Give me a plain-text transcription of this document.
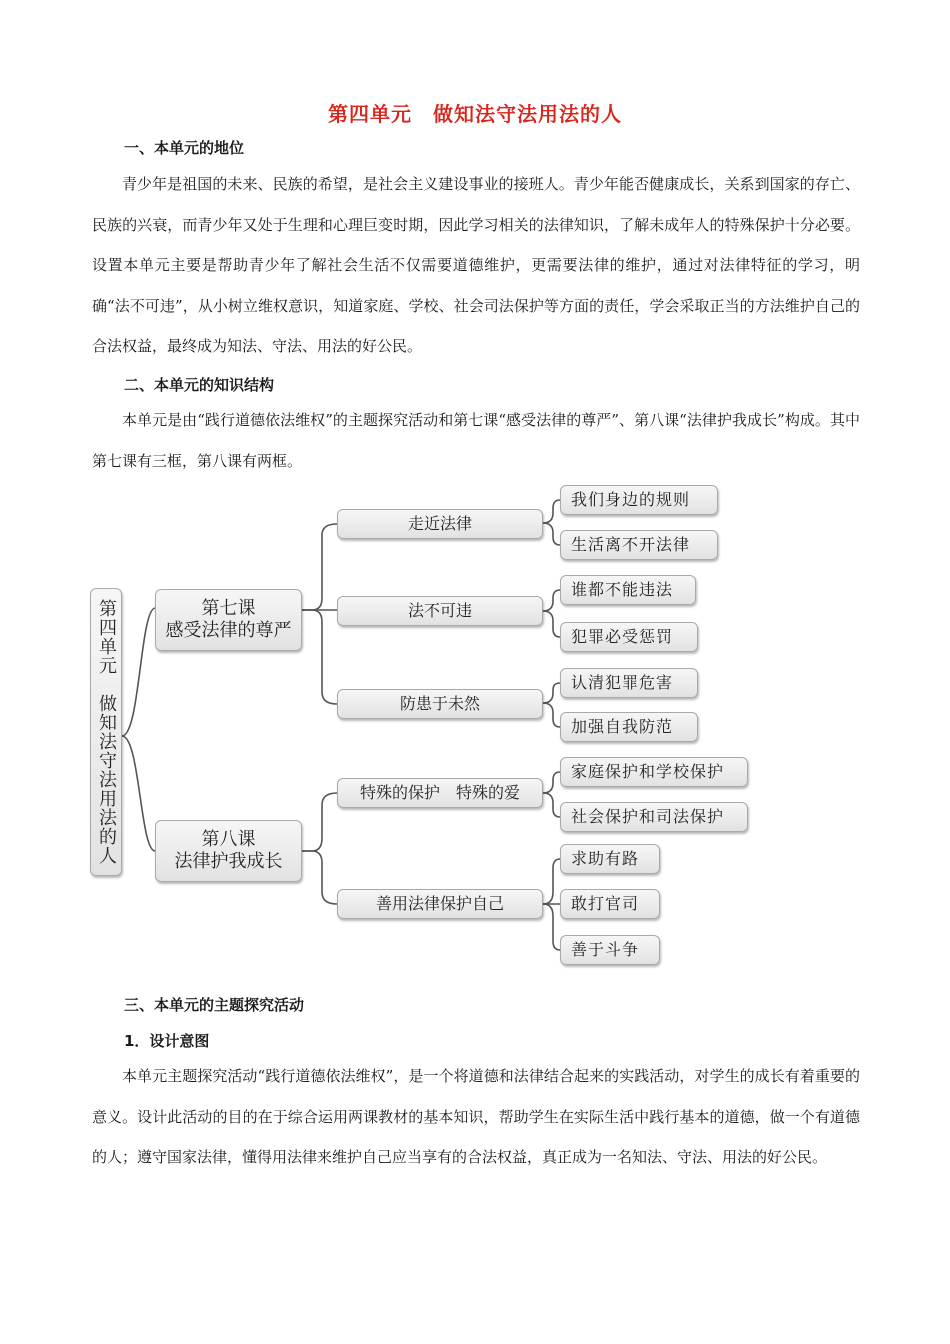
第四单元　做知法守法用法的人
一、本单元的地位
青少年是祖国的未来、民族的希望，是社会主义建设事业的接班人。青少年能否健康成长，关系到国家的存亡、民族的兴衰，而青少年又处于生理和心理巨变时期，因此学习相关的法律知识，了解未成年人的特殊保护十分必要。设置本单元主要是帮助青少年了解社会生活不仅需要道德维护，更需要法律的维护，通过对法律特征的学习，明确“法不可违”，从小树立维权意识，知道家庭、学校、社会司法保护等方面的责任，学会采取正当的方法维护自己的合法权益，最终成为知法、守法、用法的好公民。
二、本单元的知识结构
本单元是由“践行道德依法维权”的主题探究活动和第七课“感受法律的尊严”、第八课“法律护我成长”构成。其中第七课有三框，第八课有两框。
第四单元　做知法守法用法的人	第七课
感受法律的尊严
第八课
法律护我成长
走近法律
法不可违
防患于未然
特殊的保护　特殊的爱
善用法律保护自己
我们身边的规则
生活离不开法律
谁都不能违法
犯罪必受惩罚
认清犯罪危害
加强自我防范
家庭保护和学校保护
社会保护和司法保护
求助有路
敢打官司
善于斗争
三、本单元的主题探究活动
1．设计意图
本单元主题探究活动“践行道德依法维权”，是一个将道德和法律结合起来的实践活动，对学生的成长有着重要的意义。设计此活动的目的在于综合运用两课教材的基本知识，帮助学生在实际生活中践行基本的道德，做一个有道德的人；遵守国家法律，懂得用法律来维护自己应当享有的合法权益，真正成为一名知法、守法、用法的好公民。
